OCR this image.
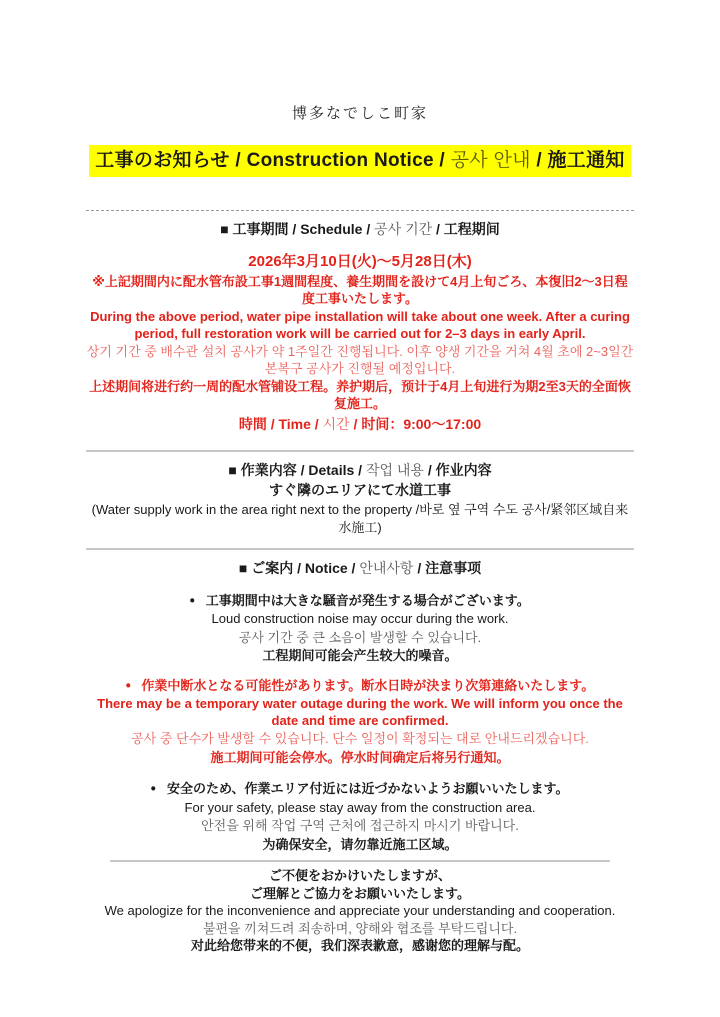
博多なでしこ町家
工事のお知らせ / Construction Notice / 공사 안내 / 施工通知
■ 工事期間 / Schedule / 공사 기간 / 工程期间
2026年3月10日(火)～5月28日(木)

※上記期間内に配水管布設工事1週間程度、養生期間を設けて4月上旬ごろ、本復旧2～3日程度工事いたします。

During the above period, water pipe installation will take about one week. After a curing period, full restoration work will be carried out for 2–3 days in early April.

상기 기간 중 배수관 설치 공사가 약 1주일간 진행됩니다. 이후 양생 기간을 거쳐 4월 초에 2~3일간 본복구 공사가 진행될 예정입니다.

上述期间将进行约一周的配水管铺设工程。养护期后，预计于4月上旬进行为期2至3天的全面恢复施工。

時間 / Time / 시간 / 时间：9:00～17:00
■ 作業内容 / Details / 작업 내용 / 作业内容

すぐ隣のエリアにて水道工事

(Water supply work in the area right next to the property /바로 옆 구역 수도 공사/紧邻区域自来水施工)

■ ご案内 / Notice / 안내사항 / 注意事项

• 工事期間中は大きな騒音が発生する場合がございます。

Loud construction noise may occur during the work.

공사 기간 중 큰 소음이 발생할 수 있습니다.

工程期间可能会产生较大的噪音。

• 作業中断水となる可能性があります。断水日時が決まり次第連絡いたします。

There may be a temporary water outage during the work. We will inform you once the date and time are confirmed.

공사 중 단수가 발생할 수 있습니다. 단수 일정이 확정되는 대로 안내드리겠습니다.

施工期间可能会停水。停水时间确定后将另行通知。

• 安全のため、作業エリア付近には近づかないようお願いいたします。

For your safety, please stay away from the construction area.

안전을 위해 작업 구역 근처에 접근하지 마시기 바랍니다.

为确保安全，请勿靠近施工区域。

ご不便をおかけいたしますが、

ご理解とご協力をお願いいたします。

We apologize for the inconvenience and appreciate your understanding and cooperation.

불편을 끼쳐드려 죄송하며, 양해와 협조를 부탁드립니다.

对此给您带来的不便，我们深表歉意，感谢您的理解与配。
